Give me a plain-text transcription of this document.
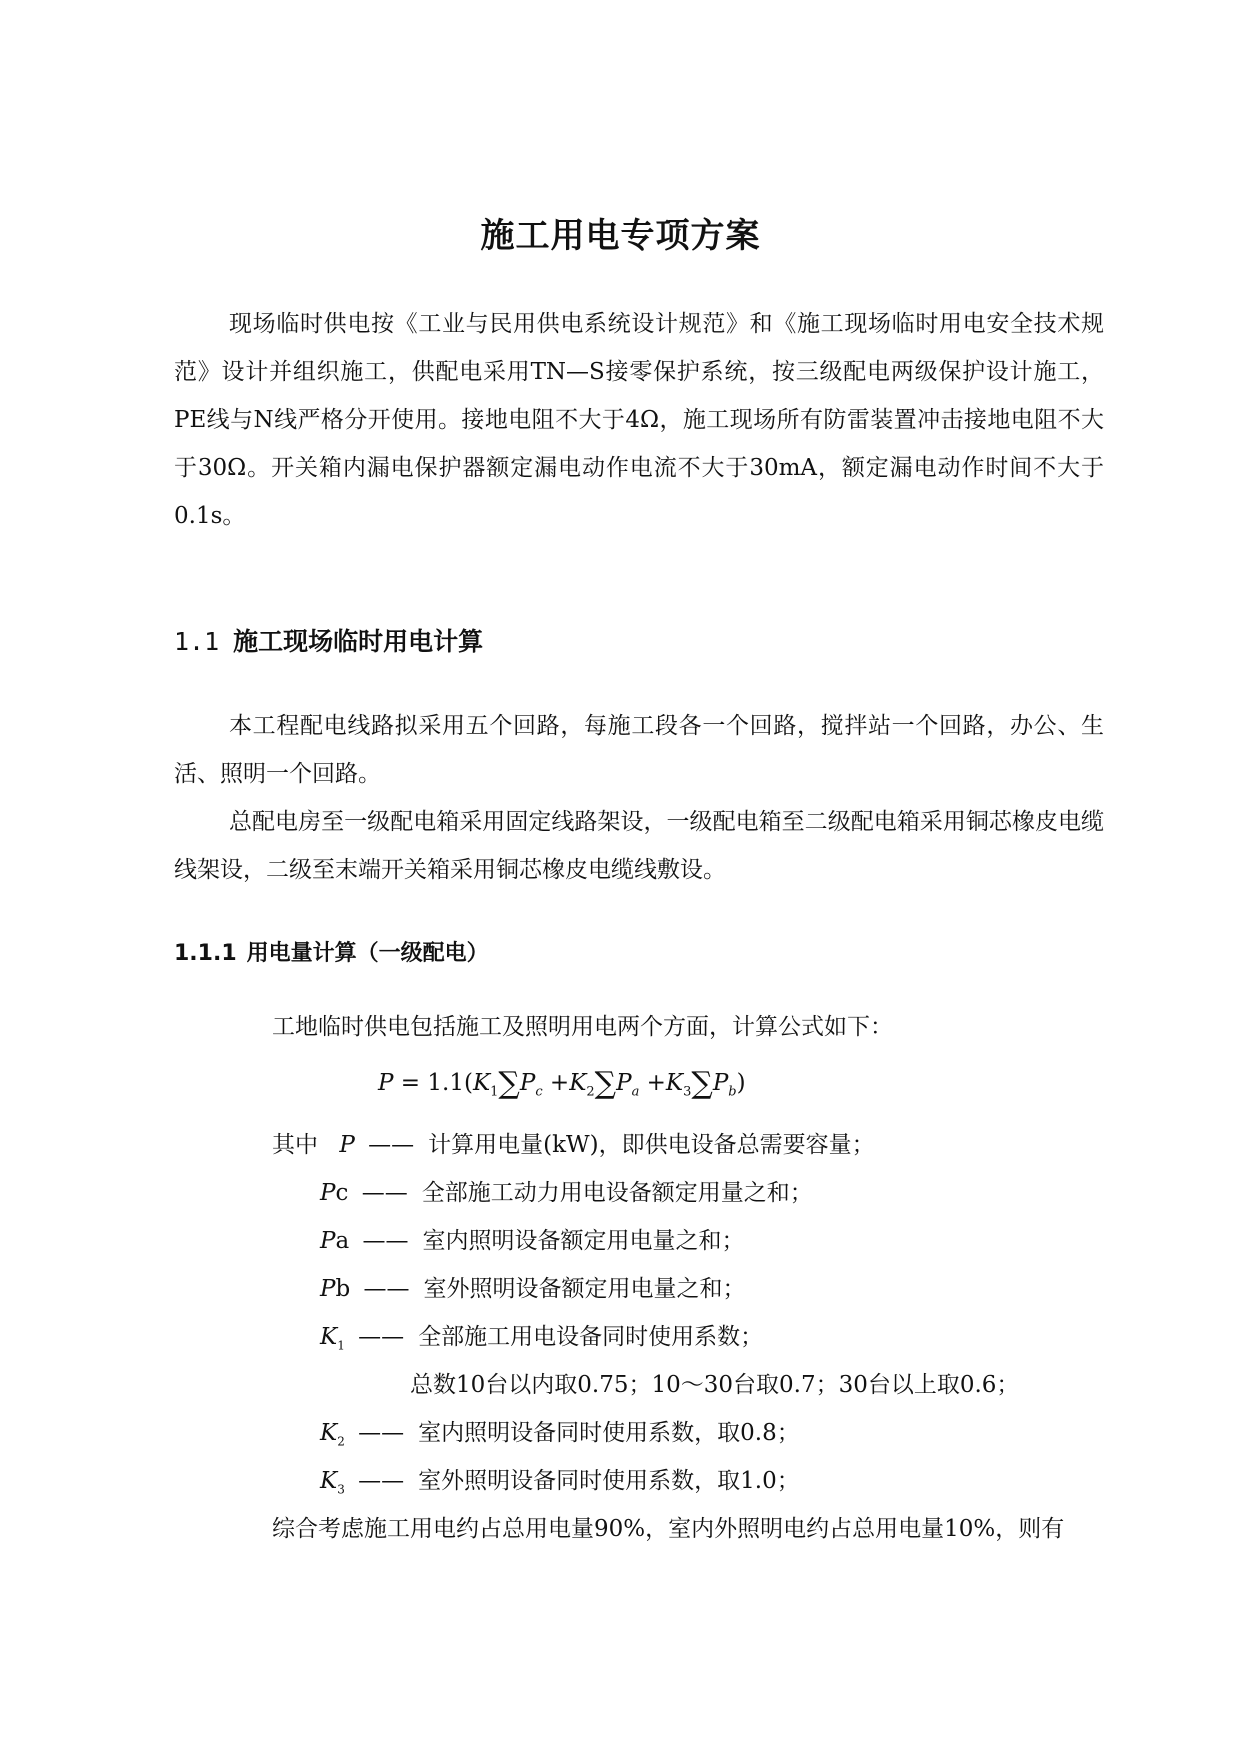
施工用电专项方案

现场临时供电按《工业与民用供电系统设计规范》和《施工现场临时用电安全技术规范》设计并组织施工，供配电采用TN—S接零保护系统，按三级配电两级保护设计施工，PE线与N线严格分开使用。接地电阻不大于4Ω，施工现场所有防雷装置冲击接地电阻不大于30Ω。开关箱内漏电保护器额定漏电动作电流不大于30mA，额定漏电动作时间不大于0.1s。

1.1 施工现场临时用电计算

本工程配电线路拟采用五个回路，每施工段各一个回路，搅拌站一个回路，办公、生活、照明一个回路。

总配电房至一级配电箱采用固定线路架设，一级配电箱至二级配电箱采用铜芯橡皮电缆线架设，二级至末端开关箱采用铜芯橡皮电缆线敷设。

1.1.1 用电量计算（一级配电）
工地临时供电包括施工及照明用电两个方面，计算公式如下：
$P = 1.1(K_1\sum P_c +K_2\sum P_a +K_3\sum P_b)$
其中 P —— 计算用电量(kW)，即供电设备总需要容量；
Pc —— 全部施工动力用电设备额定用量之和；
Pa —— 室内照明设备额定用电量之和；
Pb —— 室外照明设备额定用电量之和；
$K_1$ —— 全部施工用电设备同时使用系数；
总数10台以内取0.75；10～30台取0.7；30台以上取0.6；
$K_2$ —— 室内照明设备同时使用系数，取0.8；
$K_3$ —— 室外照明设备同时使用系数，取1.0；
综合考虑施工用电约占总用电量90%，室内外照明电约占总用电量10%，则有
